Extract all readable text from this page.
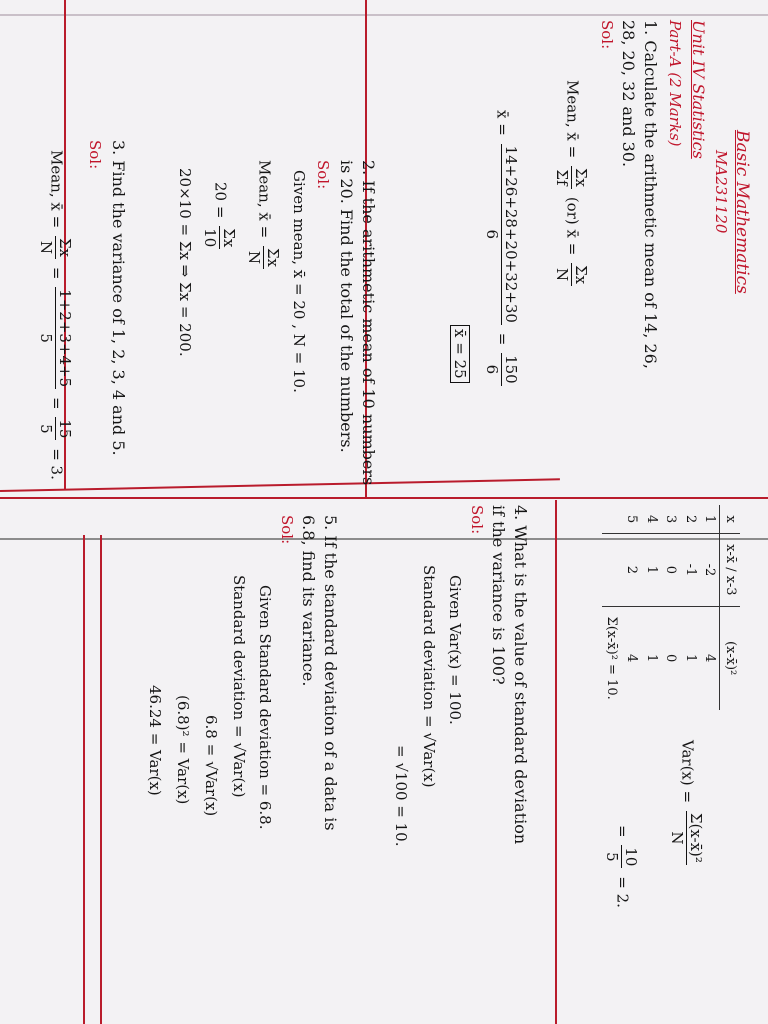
Basic Mathematics
MA231120
Unit IV Statistics
Part-A (2 Marks)
1. Calculate the arithmetic mean of 14, 26,
28, 20, 32 and 30.
Sol:
Mean, x̄ =
Σx
Σf
(or) x̄ =
Σx
N
x̄ =
14+26+28+20+32+30
6
=
150
6
x̄ = 25
2. If the arithmetic mean of 10 numbers
is 20. Find the total of the numbers.
Sol:
Given mean, x̄ = 20 , N = 10.
Mean, x̄ =
Σx
N
20 =
Σx
10
20×10 = Σx ⇒ Σx = 200.
3. Find the variance of 1, 2, 3, 4 and 5.
Sol:
Mean, x̄ =
Σx
N
=
1+2+3+4+5
5
=
15
5
= 3.
x	x-x̄ / x-3	(x-x̄)²
1	-2	4
2	-1	1
3	0	0
4	1	1
5	2	4
		Σ(x-x̄)² = 10.
Var(x) =
Σ(x-x̄)²
N
=
10
5
= 2.
4. What is the value of standard deviation
if the variance is 100?
Sol:
Given Var(x) = 100.
Standard deviation = √Var(x)
= √100 = 10.
5. If the standard deviation of a data is
6.8, find its variance.
Sol:
Given Standard deviation = 6.8.
Standard deviation = √Var(x)
6.8 = √Var(x)
(6.8)² = Var(x)
46.24 = Var(x)
